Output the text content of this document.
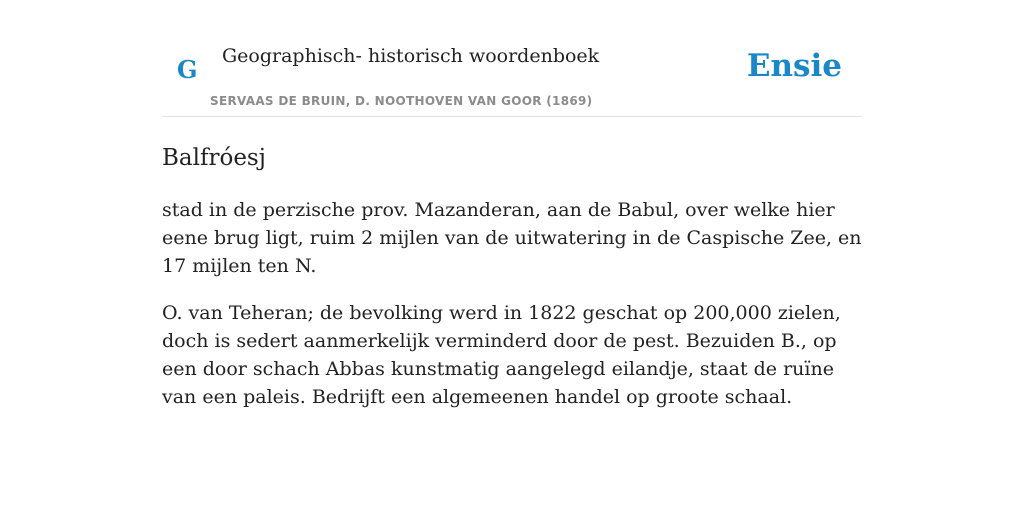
G Geographisch- historisch woordenboek
SERVAAS DE BRUIN, D. NOOTHOVEN VAN GOOR (1869)
Ensie
Balfróesj

stad in de perzische prov. Mazanderan, aan de Babul, over welke hier eene brug ligt, ruim 2 mijlen van de uitwatering in de Caspische Zee, en 17 mijlen ten N.

O. van Teheran; de bevolking werd in 1822 geschat op 200,000 zielen, doch is sedert aanmerkelijk verminderd door de pest. Bezuiden B., op een door schach Abbas kunstmatig aangelegd eilandje, staat de ruïne van een paleis. Bedrijft een algemeenen handel op groote schaal.
